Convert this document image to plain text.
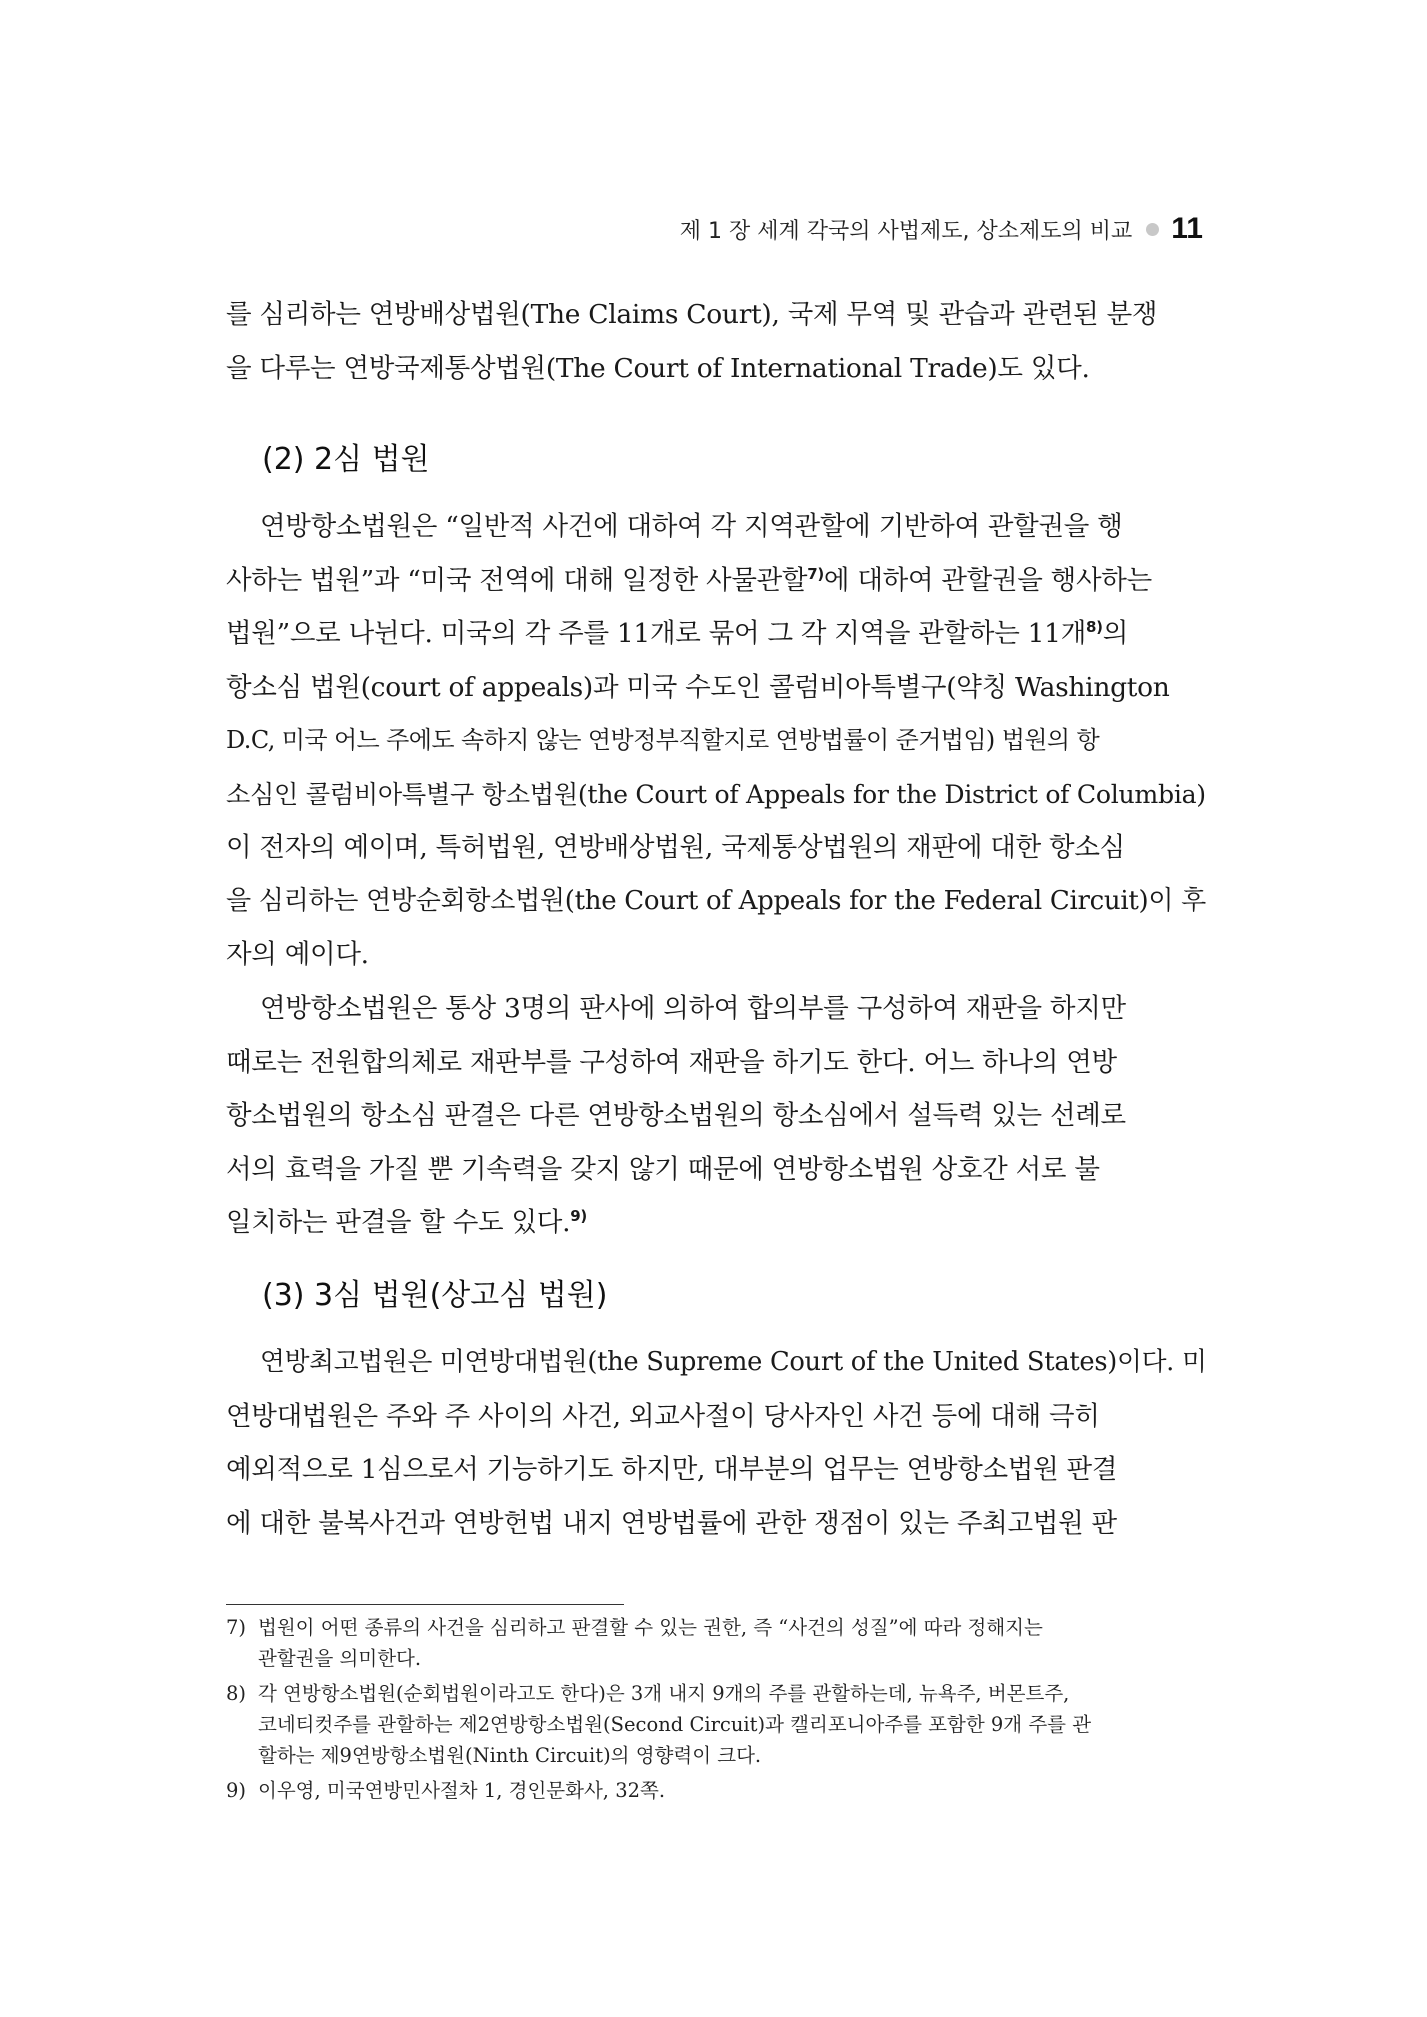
제 1 장 세계 각국의 사법제도, 상소제도의 비교 11

를 심리하는 연방배상법원(The Claims Court), 국제 무역 및 관습과 관련된 분쟁
을 다루는 연방국제통상법원(The Court of International Trade)도 있다.

(2) 2심 법원

연방항소법원은 “일반적 사건에 대하여 각 지역관할에 기반하여 관할권을 행
사하는 법원”과 “미국 전역에 대해 일정한 사물관할$^{7)}$에 대하여 관할권을 행사하는
법원”으로 나뉜다. 미국의 각 주를 11개로 묶어 그 각 지역을 관할하는 11개$^{8)}$의
항소심 법원(court of appeals)과 미국 수도인 콜럼비아특별구(약칭 Washington
D.C, 미국 어느 주에도 속하지 않는 연방정부직할지로 연방법률이 준거법임) 법원의 항
소심인 콜럼비아특별구 항소법원(the Court of Appeals for the District of Columbia)
이 전자의 예이며, 특허법원, 연방배상법원, 국제통상법원의 재판에 대한 항소심
을 심리하는 연방순회항소법원(the Court of Appeals for the Federal Circuit)이 후
자의 예이다.

연방항소법원은 통상 3명의 판사에 의하여 합의부를 구성하여 재판을 하지만
때로는 전원합의체로 재판부를 구성하여 재판을 하기도 한다. 어느 하나의 연방
항소법원의 항소심 판결은 다른 연방항소법원의 항소심에서 설득력 있는 선례로
서의 효력을 가질 뿐 기속력을 갖지 않기 때문에 연방항소법원 상호간 서로 불
일치하는 판결을 할 수도 있다.$^{9)}$

(3) 3심 법원(상고심 법원)

연방최고법원은 미연방대법원(the Supreme Court of the United States)이다. 미
연방대법원은 주와 주 사이의 사건, 외교사절이 당사자인 사건 등에 대해 극히
예외적으로 1심으로서 기능하기도 하지만, 대부분의 업무는 연방항소법원 판결
에 대한 불복사건과 연방헌법 내지 연방법률에 관한 쟁점이 있는 주최고법원 판

7) 법원이 어떤 종류의 사건을 심리하고 판결할 수 있는 권한, 즉 “사건의 성질”에 따라 정해지는
관할권을 의미한다.
8) 각 연방항소법원(순회법원이라고도 한다)은 3개 내지 9개의 주를 관할하는데, 뉴욕주, 버몬트주,
코네티컷주를 관할하는 제2연방항소법원(Second Circuit)과 캘리포니아주를 포함한 9개 주를 관
할하는 제9연방항소법원(Ninth Circuit)의 영향력이 크다.
9) 이우영, 미국연방민사절차 1, 경인문화사, 32쪽.
